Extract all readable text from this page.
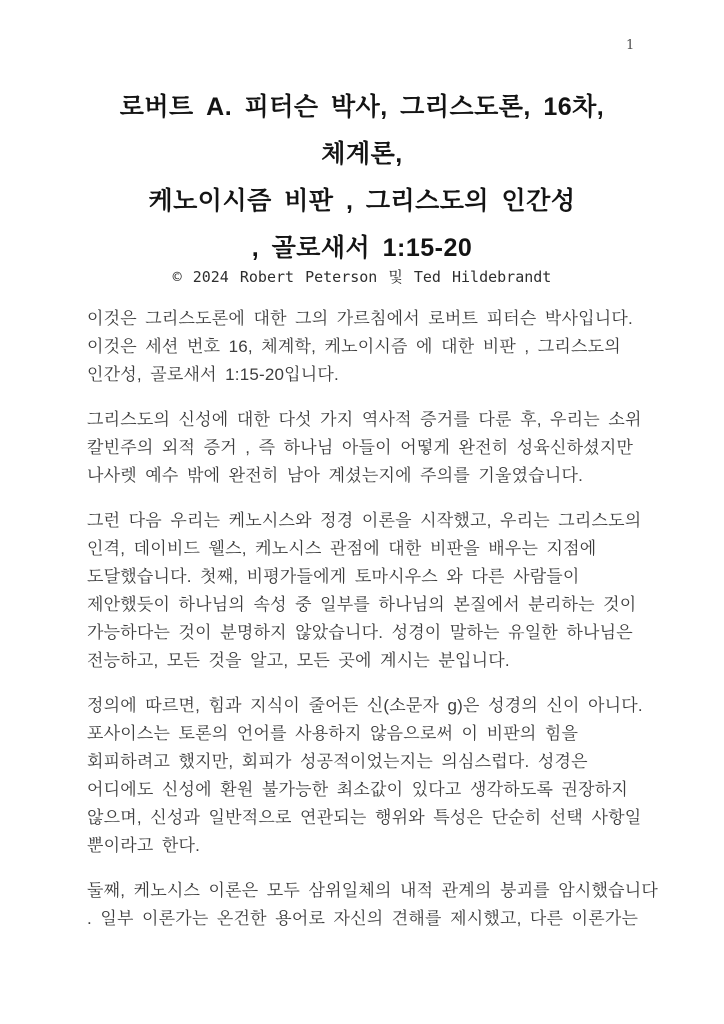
1
로버트 A. 피터슨 박사, 그리스도론, 16차,
체계론,
케노이시즘 비판 , 그리스도의 인간성
, 골로새서 1:15-20
© 2024 Robert Peterson 및 Ted Hildebrandt

이것은 그리스도론에 대한 그의 가르침에서 로버트 피터슨 박사입니다.
이것은 세션 번호 16, 체계학, 케노이시즘 에 대한 비판 , 그리스도의
인간성, 골로새서 1:15-20입니다.

그리스도의 신성에 대한 다섯 가지 역사적 증거를 다룬 후, 우리는 소위
칼빈주의 외적 증거 , 즉 하나님 아들이 어떻게 완전히 성육신하셨지만
나사렛 예수 밖에 완전히 남아 계셨는지에 주의를 기울였습니다.

그런 다음 우리는 케노시스와 정경 이론을 시작했고, 우리는 그리스도의
인격, 데이비드 웰스, 케노시스 관점에 대한 비판을 배우는 지점에
도달했습니다. 첫째, 비평가들에게 토마시우스 와 다른 사람들이
제안했듯이 하나님의 속성 중 일부를 하나님의 본질에서 분리하는 것이
가능하다는 것이 분명하지 않았습니다. 성경이 말하는 유일한 하나님은
전능하고, 모든 것을 알고, 모든 곳에 계시는 분입니다.

정의에 따르면, 힘과 지식이 줄어든 신(소문자 g)은 성경의 신이 아니다.
포사이스는 토론의 언어를 사용하지 않음으로써 이 비판의 힘을
회피하려고 했지만, 회피가 성공적이었는지는 의심스럽다. 성경은
어디에도 신성에 환원 불가능한 최소값이 있다고 생각하도록 권장하지
않으며, 신성과 일반적으로 연관되는 행위와 특성은 단순히 선택 사항일
뿐이라고 한다.

둘째, 케노시스 이론은 모두 삼위일체의 내적 관계의 붕괴를 암시했습니다
. 일부 이론가는 온건한 용어로 자신의 견해를 제시했고, 다른 이론가는
